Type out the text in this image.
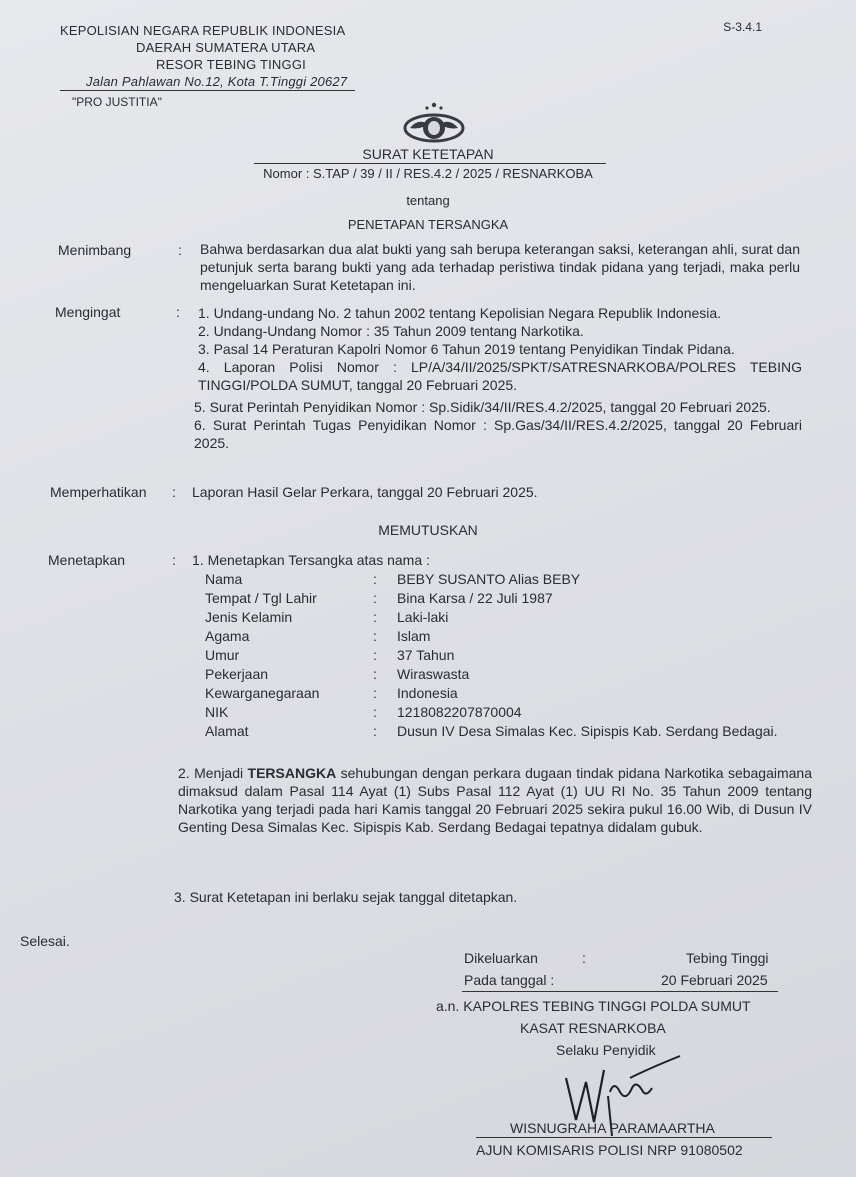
KEPOLISIAN NEGARA REPUBLIK INDONESIA
DAERAH SUMATERA UTARA
RESOR TEBING TINGGI
Jalan Pahlawan No.12, Kota T.Tinggi 20627
S-3.4.1
"PRO JUSTITIA"
SURAT KETETAPAN
Nomor : S.TAP / 39 / II / RES.4.2 / 2025 / RESNARKOBA
tentang
PENETAPAN TERSANGKA
Menimbang	: Bahwa berdasarkan dua alat bukti yang sah berupa keterangan saksi, keterangan ahli, surat dan petunjuk serta barang bukti yang ada terhadap peristiwa tindak pidana yang terjadi, maka perlu mengeluarkan Surat Ketetapan ini.
Mengingat	: 1. Undang-undang No. 2 tahun 2002 tentang Kepolisian Negara Republik Indonesia.
2. Undang-Undang Nomor : 35 Tahun 2009 tentang Narkotika.
3. Pasal 14 Peraturan Kapolri Nomor 6 Tahun 2019 tentang Penyidikan Tindak Pidana.
4. Laporan Polisi Nomor : LP/A/34/II/2025/SPKT/SATRESNARKOBA/POLRES TEBING TINGGI/POLDA SUMUT, tanggal 20 Februari 2025.
5. Surat Perintah Penyidikan Nomor : Sp.Sidik/34/II/RES.4.2/2025, tanggal 20 Februari 2025.
6. Surat Perintah Tugas Penyidikan Nomor : Sp.Gas/34/II/RES.4.2/2025, tanggal 20 Februari 2025.
Memperhatikan : Laporan Hasil Gelar Perkara, tanggal 20 Februari 2025.
MEMUTUSKAN
Menetapkan	: 1. Menetapkan Tersangka atas nama :
Nama	: BEBY SUSANTO Alias BEBY
Tempat / Tgl Lahir	: Bina Karsa / 22 Juli 1987
Jenis Kelamin	: Laki-laki
Agama	: Islam
Umur	: 37 Tahun
Pekerjaan	: Wiraswasta
Kewarganegaraan	: Indonesia
NIK	: 1218082207870004
Alamat	: Dusun IV Desa Simalas Kec. Sipispis Kab. Serdang Bedagai.
2. Menjadi TERSANGKA sehubungan dengan perkara dugaan tindak pidana Narkotika sebagaimana dimaksud dalam Pasal 114 Ayat (1) Subs Pasal 112 Ayat (1) UU RI No. 35 Tahun 2009 tentang Narkotika yang terjadi pada hari Kamis tanggal 20 Februari 2025 sekira pukul 16.00 Wib, di Dusun IV Genting Desa Simalas Kec. Sipispis Kab. Serdang Bedagai tepatnya didalam gubuk.
3. Surat Ketetapan ini berlaku sejak tanggal ditetapkan.
Selesai.
Dikeluarkan	:	Tebing Tinggi
Pada tanggal :	20 Februari 2025
a.n. KAPOLRES TEBING TINGGI POLDA SUMUT
KASAT RESNARKOBA
Selaku Penyidik
WISNUGRAHA PARAMAARTHA
AJUN KOMISARIS POLISI NRP 91080502
